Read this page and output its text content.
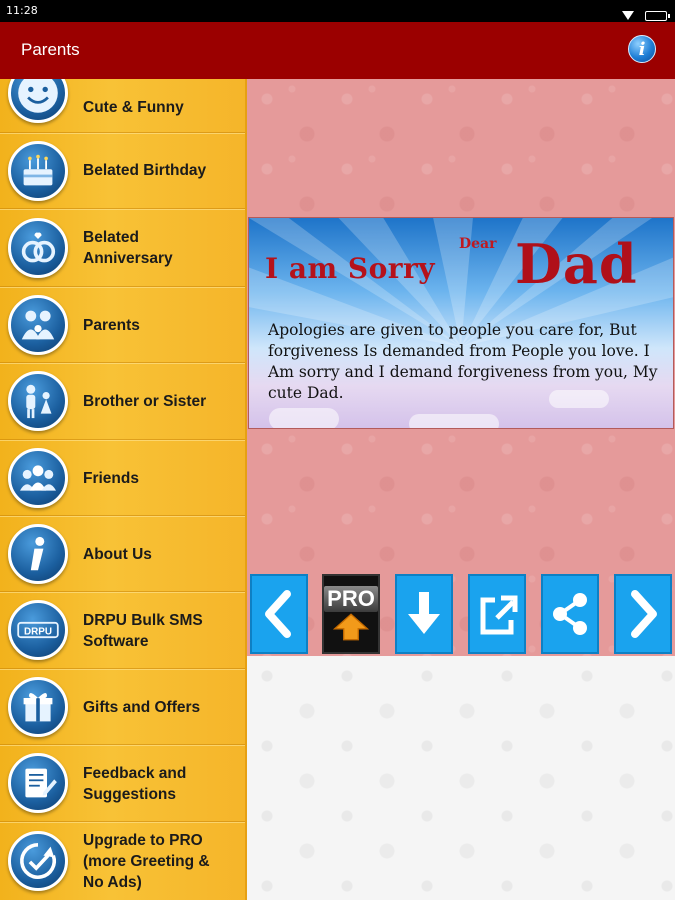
11:28

Parents	i
Cute & Funny
Belated Birthday
Belated
Anniversary
Parents
Brother or Sister
Friends
About Us
DRPU
DRPU Bulk SMS
Software
Gifts and Offers
Feedback and
Suggestions
Upgrade to PRO
(more Greeting &
No Ads)
I am Sorry
Dear Dad

Apologies are given to people you care for, But forgiveness Is demanded from People you love. I Am sorry and I demand forgiveness from you, My cute Dad.

PRO
